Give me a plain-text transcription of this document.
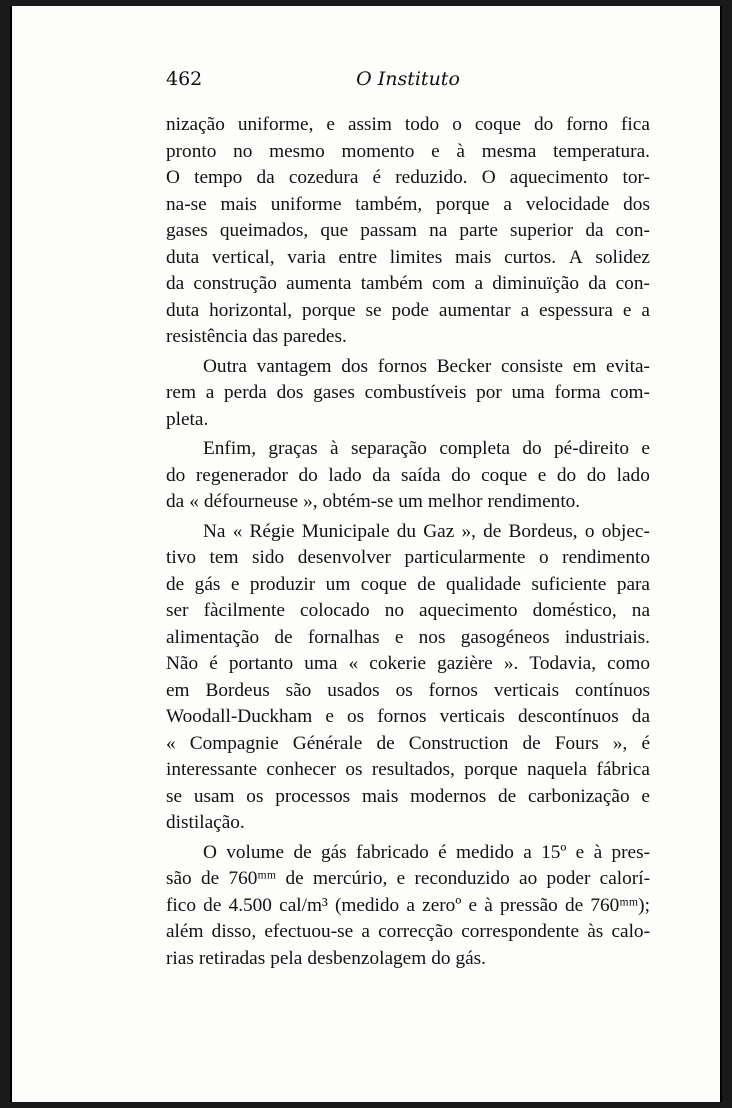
462	O Instituto
nização uniforme, e assim todo o coque do forno fica
pronto no mesmo momento e à mesma temperatura.
O tempo da cozedura é reduzido. O aquecimento tor-
na-se mais uniforme também, porque a velocidade dos
gases queimados, que passam na parte superior da con-
duta vertical, varia entre limites mais curtos. A solidez
da construção aumenta também com a diminuïção da con-
duta horizontal, porque se pode aumentar a espessura e a
resistência das paredes.
Outra vantagem dos fornos Becker consiste em evita-
rem a perda dos gases combustíveis por uma forma com-
pleta.
Enfim, graças à separação completa do pé-direito e
do regenerador do lado da saída do coque e do do lado
da « défourneuse », obtém-se um melhor rendimento.
Na « Régie Municipale du Gaz », de Bordeus, o objec-
tivo tem sido desenvolver particularmente o rendimento
de gás e produzir um coque de qualidade suficiente para
ser fàcilmente colocado no aquecimento doméstico, na
alimentação de fornalhas e nos gasogéneos industriais.
Não é portanto uma « cokerie gazière ». Todavia, como
em Bordeus são usados os fornos verticais contínuos
Woodall-Duckham e os fornos verticais descontínuos da
« Compagnie Générale de Construction de Fours », é
interessante conhecer os resultados, porque naquela fábrica
se usam os processos mais modernos de carbonização e
distilação.
O volume de gás fabricado é medido a 15º e à pres-
são de 760ᵐᵐ de mercúrio, e reconduzido ao poder calorí-
fico de 4.500 cal/m³ (medido a zeroº e à pressão de 760ᵐᵐ);
além disso, efectuou-se a correcção correspondente às calo-
rias retiradas pela desbenzolagem do gás.
